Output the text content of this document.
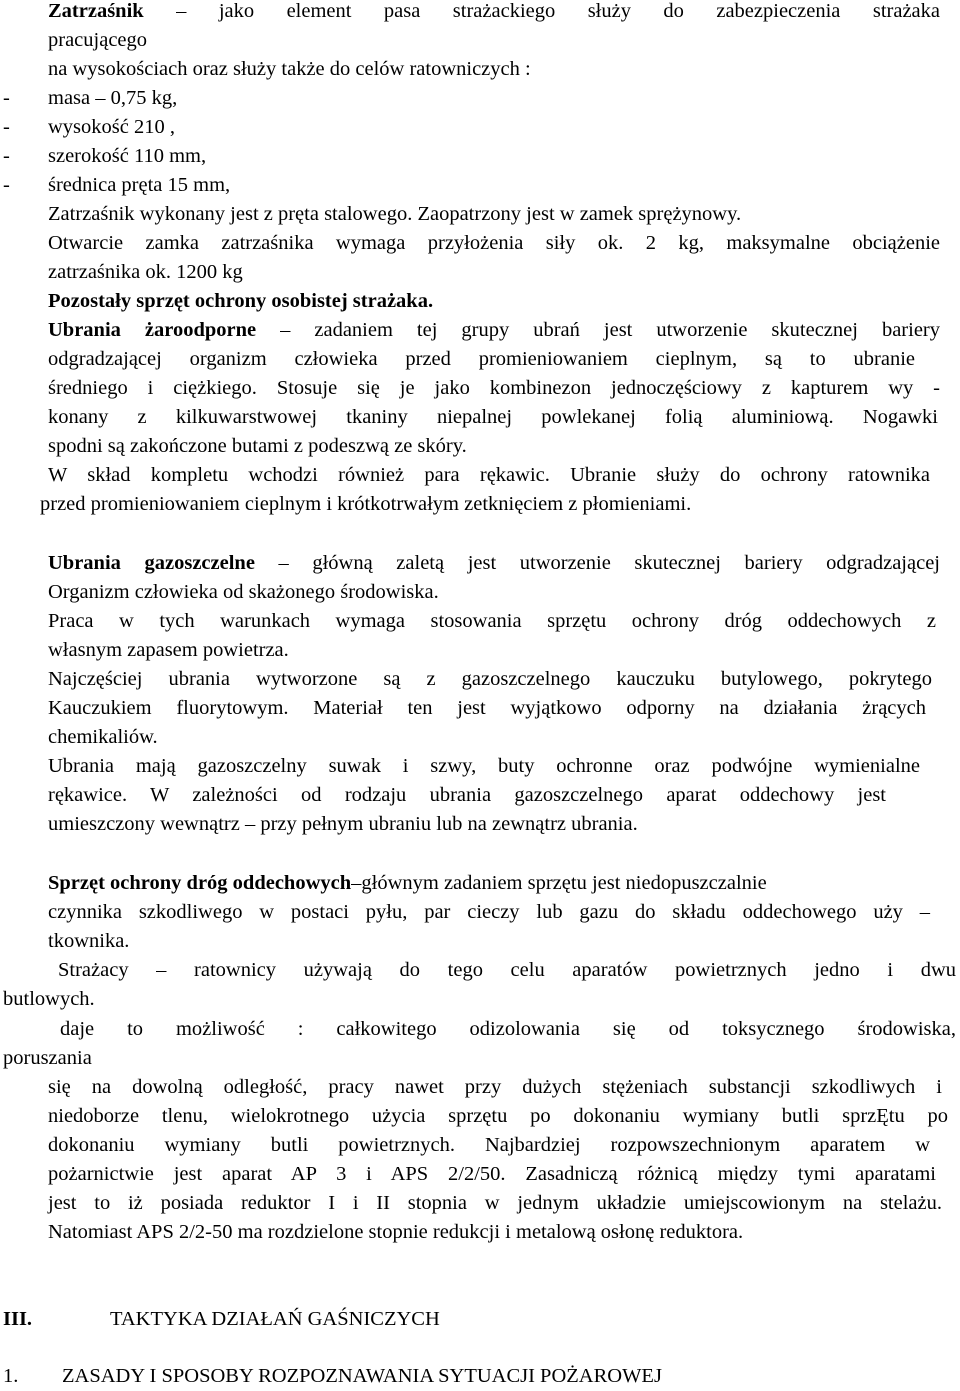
Zatrzaśnik – jako element pasa strażackiego służy do zabezpieczenia strażaka
pracującego
na wysokościach oraz służy także do celów ratowniczych :
- masa – 0,75 kg,
- wysokość 210 ,
- szerokość 110 mm,
- średnica pręta 15 mm,
Zatrzaśnik wykonany jest z pręta stalowego. Zaopatrzony jest w zamek sprężynowy.
Otwarcie zamka zatrzaśnika wymaga przyłożenia siły ok. 2 kg, maksymalne obciążenie
zatrzaśnika ok. 1200 kg
Pozostały sprzęt ochrony osobistej strażaka.
Ubrania żaroodporne – zadaniem tej grupy ubrań jest utworzenie skutecznej bariery
odgradzającej organizm człowieka przed promieniowaniem cieplnym, są to ubranie
średniego i ciężkiego. Stosuje się je jako kombinezon jednoczęściowy z kapturem wy -
konany z kilkuwarstwowej tkaniny niepalnej powlekanej folią aluminiową. Nogawki
spodni są zakończone butami z podeszwą ze skóry.
W skład kompletu wchodzi również para rękawic. Ubranie służy do ochrony ratownika
przed promieniowaniem cieplnym i krótkotrwałym zetknięciem z płomieniami.
Ubrania gazoszczelne – główną zaletą jest utworzenie skutecznej bariery odgradzającej
Organizm człowieka od skażonego środowiska.
Praca w tych warunkach wymaga stosowania sprzętu ochrony dróg oddechowych z
własnym zapasem powietrza.
Najczęściej ubrania wytworzone są z gazoszczelnego kauczuku butylowego, pokrytego
Kauczukiem fluorytowym. Materiał ten jest wyjątkowo odporny na działania żrących
chemikaliów.
Ubrania mają gazoszczelny suwak i szwy, buty ochronne oraz podwójne wymienialne
rękawice. W zależności od rodzaju ubrania gazoszczelnego aparat oddechowy jest
umieszczony wewnątrz – przy pełnym ubraniu lub na zewnątrz ubrania.
Sprzęt ochrony dróg oddechowych–głównym zadaniem sprzętu jest niedopuszczalnie
czynnika szkodliwego w postaci pyłu, par cieczy lub gazu do składu oddechowego uży –
tkownika.
Strażacy – ratownicy używają do tego celu aparatów powietrznych jedno i dwu
butlowych.
daje to możliwość : całkowitego odizolowania się od toksycznego środowiska,
poruszania
się na dowolną odległość, pracy nawet przy dużych stężeniach substancji szkodliwych i
niedoborze tlenu, wielokrotnego użycia sprzętu po dokonaniu wymiany butli sprzĘtu po
dokonaniu wymiany butli powietrznych. Najbardziej rozpowszechnionym aparatem w
pożarnictwie jest aparat AP 3 i APS 2/2/50. Zasadniczą różnicą między tymi aparatami
jest to iż posiada reduktor I i II stopnia w jednym układzie umiejscowionym na stelażu.
Natomiast APS 2/2-50 ma rozdzielone stopnie redukcji i metalową osłonę reduktora.
III.	TAKTYKA DZIAŁAŃ GAŚNICZYCH
1. ZASADY I SPOSOBY ROZPOZNAWANIA SYTUACJI POŻAROWEJ
